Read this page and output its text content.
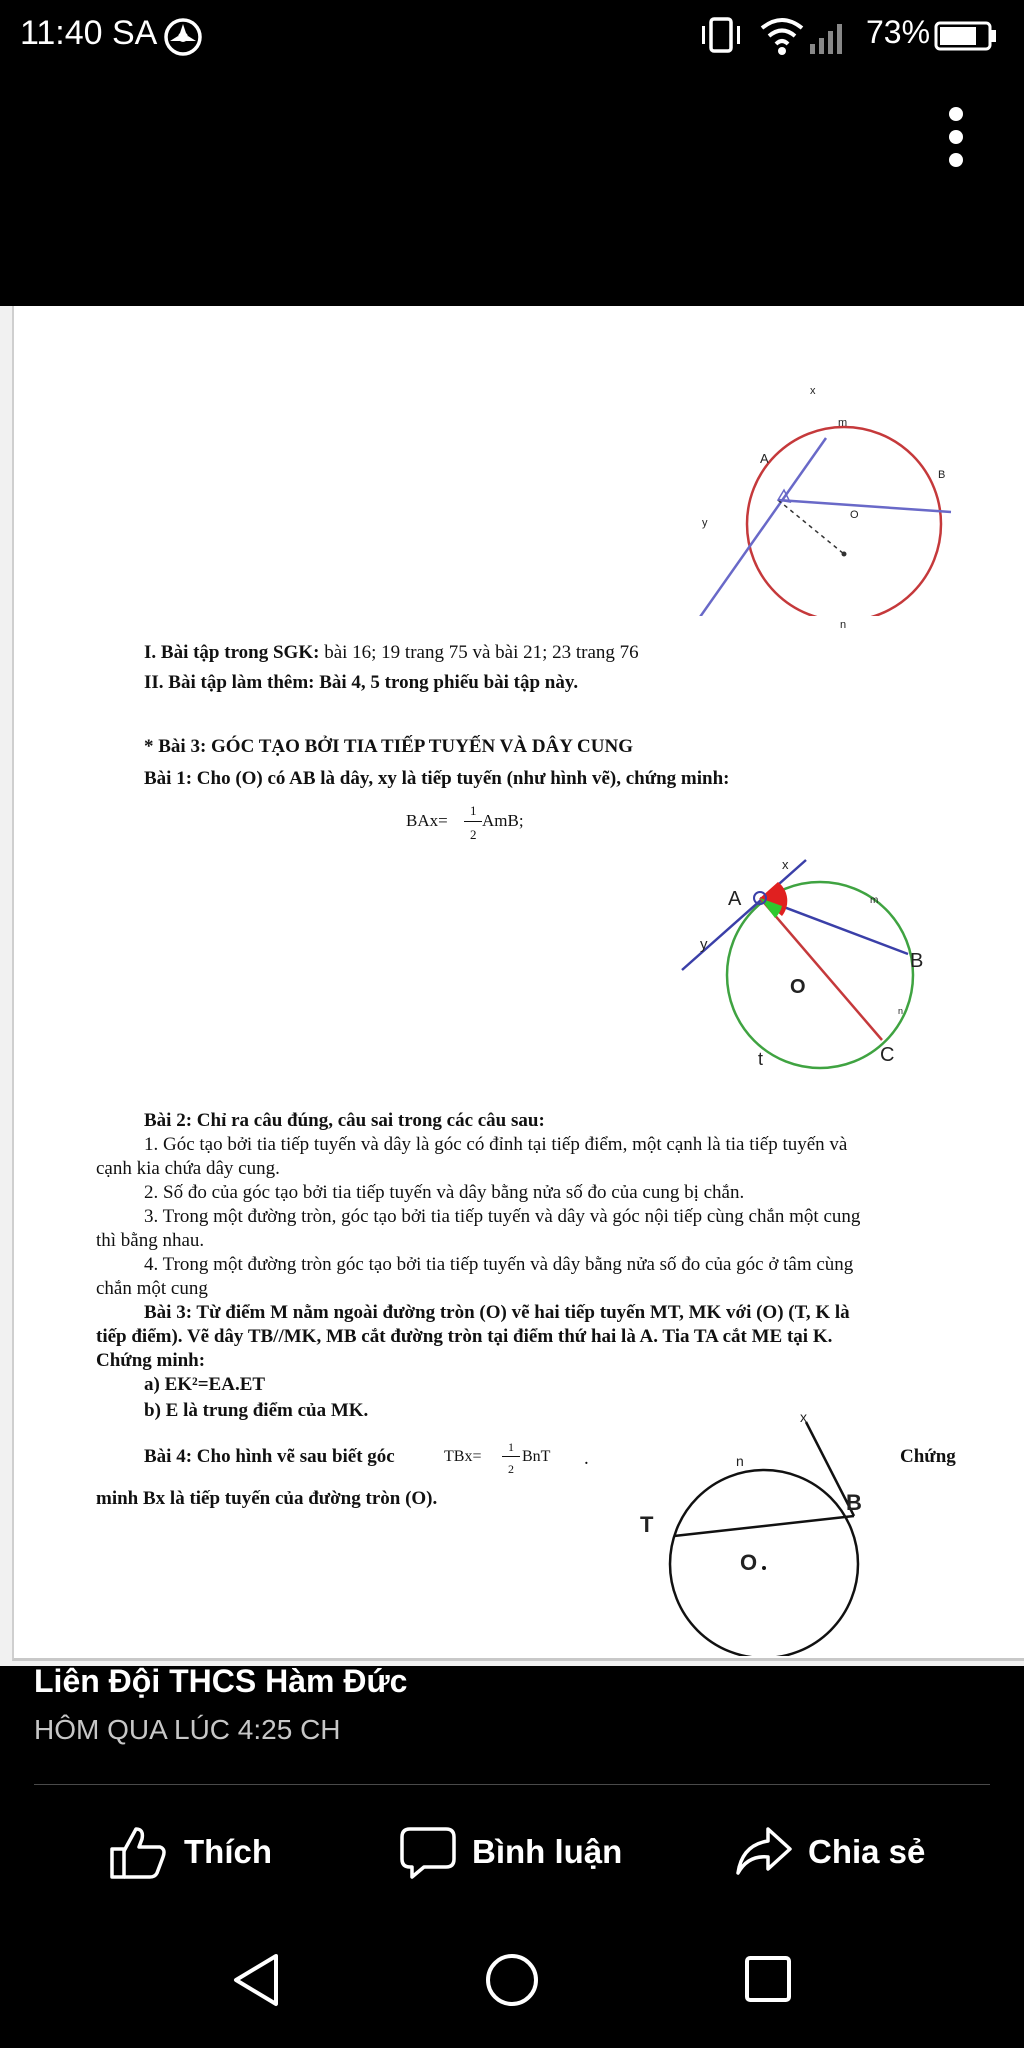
11:40 SA	73%
x
m
A
B
O
y
n
I. Bài tập trong SGK: bài 16; 19 trang 75 và bài 21; 23 trang 76
II. Bài tập làm thêm: Bài 4, 5 trong phiếu bài tập này.
* Bài 3: GÓC TẠO BỞI TIA TIẾP TUYẾN VÀ DÂY CUNG
Bài 1: Cho (O) có AB là dây, xy là tiếp tuyến (như hình vẽ), chứng minh:
BAx=
1
2
AmB;
x
A	m
y
B
O
n
t	C
Bài 2: Chỉ ra câu đúng, câu sai trong các câu sau:
1. Góc tạo bởi tia tiếp tuyến và dây là góc có đỉnh tại tiếp điểm, một cạnh là tia tiếp tuyến và
cạnh kia chứa dây cung.
2. Số đo của góc tạo bởi tia tiếp tuyến và dây bằng nửa số đo của cung bị chắn.
3. Trong một đường tròn, góc tạo bởi tia tiếp tuyến và dây và góc nội tiếp cùng chắn một cung
thì bằng nhau.
4. Trong một đường tròn góc tạo bởi tia tiếp tuyến và dây bằng nửa số đo của góc ở tâm cùng
chắn một cung
Bài 3: Từ điểm M nằm ngoài đường tròn (O) vẽ hai tiếp tuyến MT, MK với (O) (T, K là
tiếp điểm). Vẽ dây TB//MK, MB cắt đường tròn tại điểm thứ hai là A. Tia TA cắt ME tại K.
Chứng minh:
a) EK²=EA.ET
b) E là trung điểm của MK.
Bài 4: Cho hình vẽ sau biết góc	TBx=
1
2
BnT .	Chứng
minh Bx là tiếp tuyến của đường tròn (O).
x
n
B
T
O
Liên Đội THCS Hàm Đức
HÔM QUA LÚC 4:25 CH
Thích	Bình luận	Chia sẻ
